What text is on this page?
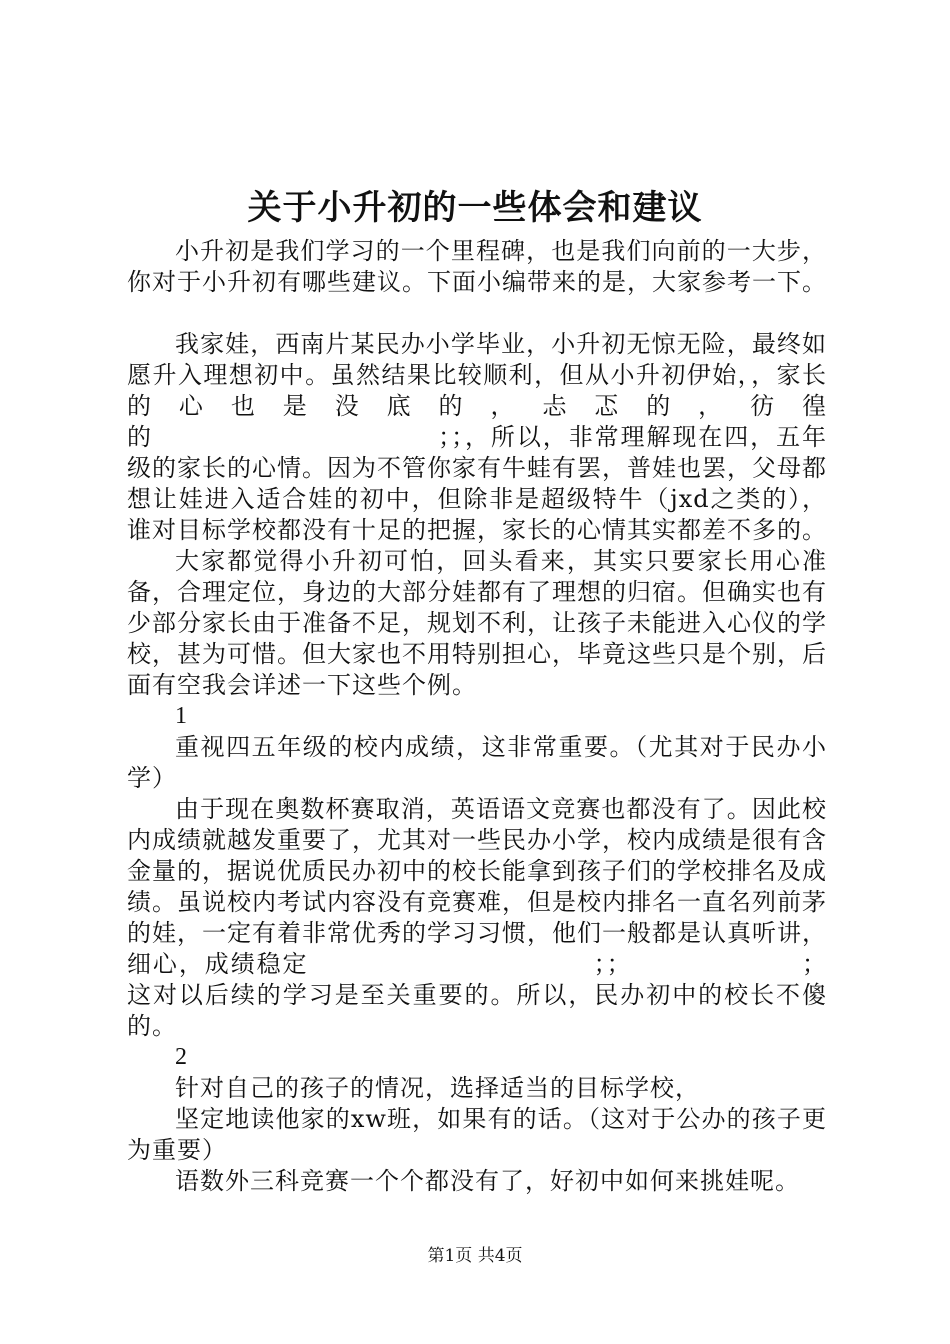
关于小升初的一些体会和建议

小升初是我们学习的一个里程碑，也是我们向前的一大步，你对于小升初有哪些建议。下面小编带来的是，大家参考一下。

我家娃，西南片某民办小学毕业，小升初无惊无险，最终如愿升入理想初中。虽然结果比较顺利，但从小升初伊始，，家长的心也是没底的，忐忑的，彷徨的　　　　　　　　　　　；；，所以，非常理解现在四，五年级的家长的心情。因为不管你家有牛蛙有罢，普娃也罢，父母都想让娃进入适合娃的初中，但除非是超级特牛（jxd之类的），谁对目标学校都没有十足的把握，家长的心情其实都差不多的。

大家都觉得小升初可怕，回头看来，其实只要家长用心准备，合理定位，身边的大部分娃都有了理想的归宿。但确实也有少部分家长由于准备不足，规划不利，让孩子未能进入心仪的学校，甚为可惜。但大家也不用特别担心，毕竟这些只是个别，后面有空我会详述一下这些个例。

1

重视四五年级的校内成绩，这非常重要。（尤其对于民办小学）

由于现在奥数杯赛取消，英语语文竞赛也都没有了。因此校内成绩就越发重要了，尤其对一些民办小学，校内成绩是很有含金量的，据说优质民办初中的校长能拿到孩子们的学校排名及成绩。虽说校内考试内容没有竞赛难，但是校内排名一直名列前茅的娃，一定有着非常优秀的学习习惯，他们一般都是认真听讲，细心，成绩稳定　　　　　　　　　　　；；　　　　　　　；这对以后续的学习是至关重要的。所以，民办初中的校长不傻的。

2

针对自己的孩子的情况，选择适当的目标学校，

坚定地读他家的xw班，如果有的话。（这对于公办的孩子更为重要）

语数外三科竞赛一个个都没有了，好初中如何来挑娃呢。

第1页 共4页
